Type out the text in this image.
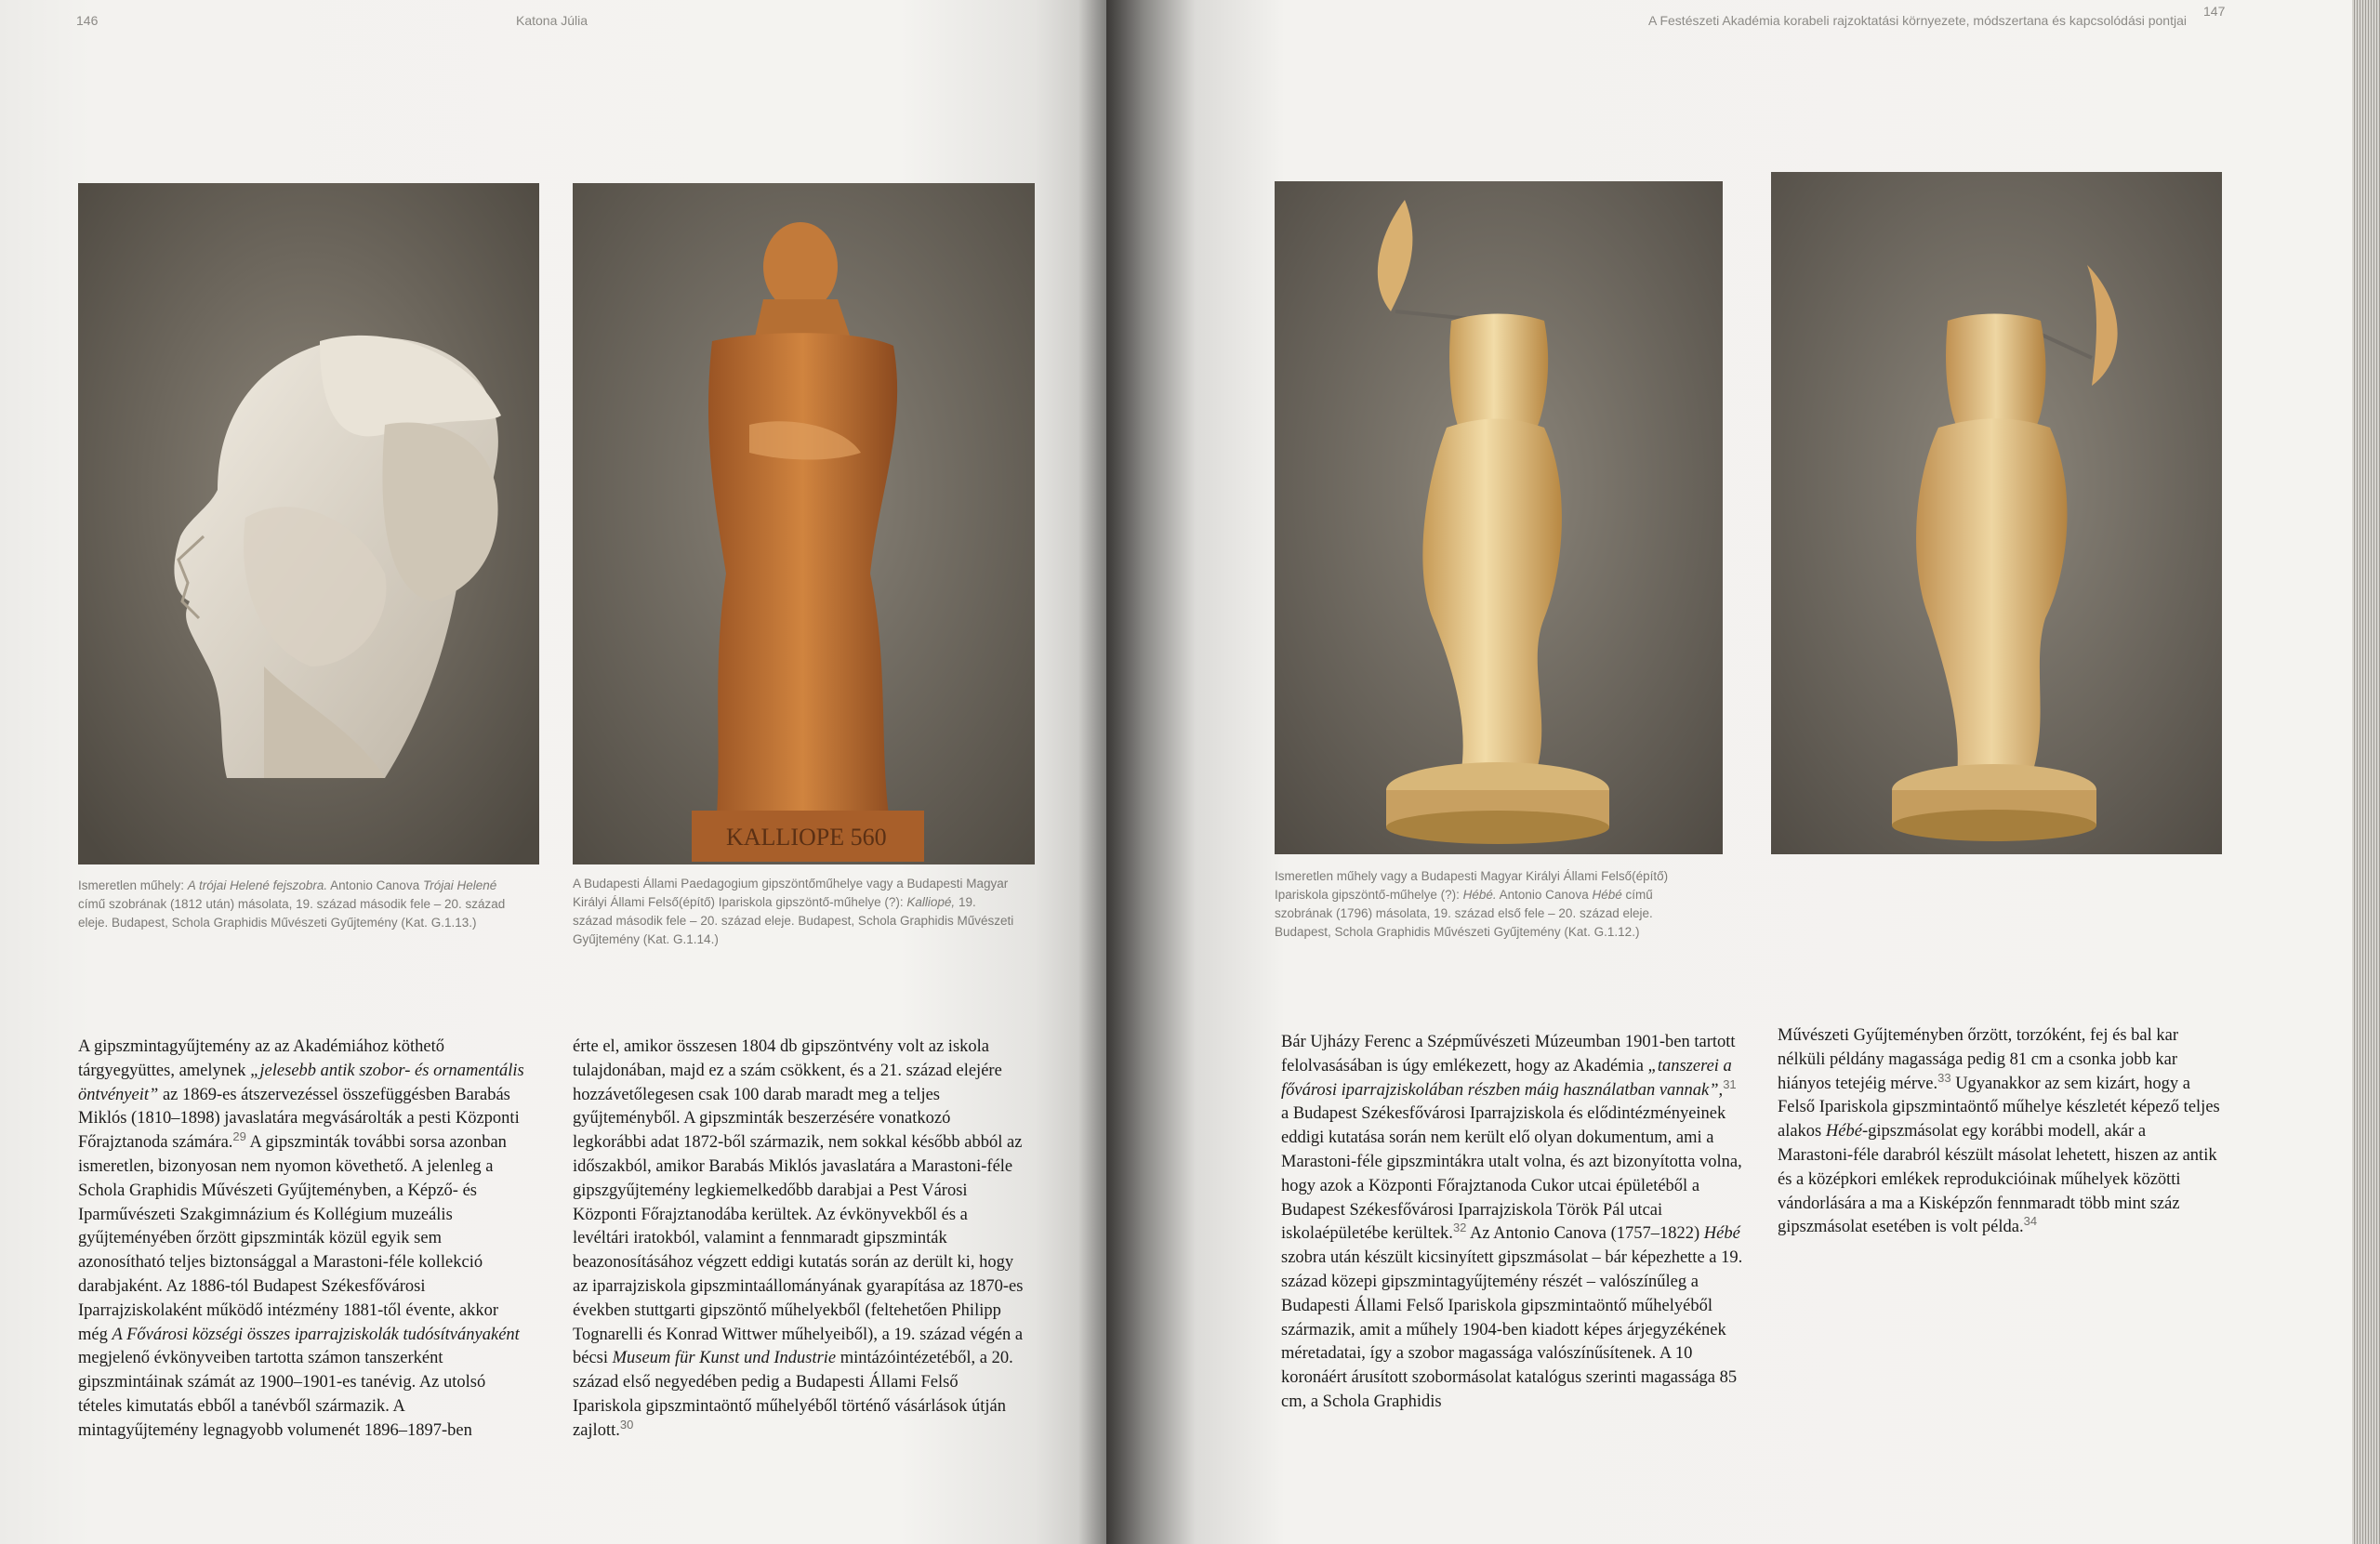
146	Katona Júlia
KALLIOPE 560
Ismeretlen műhely: A trójai Helené fejszobra. Antonio Canova Trójai Helené című szobrának (1812 után) másolata, 19. század második fele – 20. század eleje. Budapest, Schola Graphidis Művészeti Gyűjtemény (Kat. G.1.13.)
A Budapesti Állami Paedagogium gipszöntőműhelye vagy a Budapesti Magyar Királyi Állami Felső(építő) Ipariskola gipszöntő-műhelye (?): Kalliopé, 19. század második fele – 20. század eleje. Budapest, Schola Graphidis Művészeti Gyűjtemény (Kat. G.1.14.)

A gipszmintagyűjtemény az az Akadémiához köthető tárgyegyüttes, amelynek „jelesebb antik szobor- és ornamentális öntvényeit” az 1869-es átszervezéssel összefüggésben Barabás Miklós (1810–1898) javaslatára megvásárolták a pesti Központi Főrajztanoda számára.$^{29}$ A gipszminták további sorsa azonban ismeretlen, bizonyosan nem nyomon követhető. A jelenleg a Schola Graphidis Művészeti Gyűjteményben, a Képző- és Iparművészeti Szakgimnázium és Kollégium muzeális gyűjteményében őrzött gipszminták közül egyik sem azonosítható teljes biztonsággal a Marastoni-féle kollekció darabjaként. Az 1886-tól Budapest Székesfővárosi Iparrajziskolaként működő intézmény 1881-től évente, akkor még A Fővárosi községi összes iparrajziskolák tudósítványaként megjelenő évkönyveiben tartotta számon tanszerként gipszmintáinak számát az 1900–1901-es tanévig. Az utolsó tételes kimutatás ebből a tanévből származik. A mintagyűjtemény legnagyobb volumenét 1896–1897-ben

érte el, amikor összesen 1804 db gipszöntvény volt az iskola tulajdonában, majd ez a szám csökkent, és a 21. század elejére hozzávetőlegesen csak 100 darab maradt meg a teljes gyűjteményből. A gipszminták beszerzésére vonatkozó legkorábbi adat 1872-ből származik, nem sokkal később abból az időszakból, amikor Barabás Miklós javaslatára a Marastoni-féle gipszgyűjtemény legkiemelkedőbb darabjai a Pest Városi Központi Főrajztanodába kerültek. Az évkönyvekből és a levéltári iratokból, valamint a fennmaradt gipszminták beazonosításához végzett eddigi kutatás során az derült ki, hogy az iparrajziskola gipszmintaállományának gyarapítása az 1870-es években stuttgarti gipszöntő műhelyekből (feltehetően Philipp Tognarelli és Konrad Wittwer műhelyeiből), a 19. század végén a bécsi Museum für Kunst und Industrie mintázóintézetéből, a 20. század első negyedében pedig a Budapesti Állami Felső Ipariskola gipszmintaöntő műhelyéből történő vásárlások útján zajlott.$^{30}$

A Festészeti Akadémia korabeli rajzoktatási környezete, módszertana és kapcsolódási pontjai
147
Ismeretlen műhely vagy a Budapesti Magyar Királyi Állami Felső(építő) Ipariskola gipszöntő-műhelye (?): Hébé. Antonio Canova Hébé című szobrának (1796) másolata, 19. század első fele – 20. század eleje. Budapest, Schola Graphidis Művészeti Gyűjtemény (Kat. G.1.12.)

Bár Ujházy Ferenc a Szépművészeti Múzeumban 1901-ben tartott felolvasásában is úgy emlékezett, hogy az Akadémia „tanszerei a fővárosi iparrajziskolában részben máig használatban vannak”,$^{31}$ a Budapest Székesfővárosi Iparrajziskola és elődintézményeinek eddigi kutatása során nem került elő olyan dokumentum, ami a Marastoni-féle gipszmintákra utalt volna, és azt bizonyította volna, hogy azok a Központi Főrajztanoda Cukor utcai épületéből a Budapest Székesfővárosi Iparrajziskola Török Pál utcai iskolaépületébe kerültek.$^{32}$ Az Antonio Canova (1757–1822) Hébé szobra után készült kicsinyített gipszmásolat – bár képezhette a 19. század közepi gipszmintagyűjtemény részét – valószínűleg a Budapesti Állami Felső Ipariskola gipszmintaöntő műhelyéből származik, amit a műhely 1904-ben kiadott képes árjegyzékének méretadatai, így a szobor magassága valószínűsítenek. A 10 koronáért árusított szobormásolat katalógus szerinti magassága 85 cm, a Schola Graphidis

Művészeti Gyűjteményben őrzött, torzóként, fej és bal kar nélküli példány magassága pedig 81 cm a csonka jobb kar hiányos tetejéig mérve.$^{33}$ Ugyanakkor az sem kizárt, hogy a Felső Ipariskola gipszmintaöntő műhelye készletét képező teljes alakos Hébé-gipszmásolat egy korábbi modell, akár a Marastoni-féle darabról készült másolat lehetett, hiszen az antik és a középkori emlékek reprodukcióinak műhelyek közötti vándorlására a ma a Kisképzőn fennmaradt több mint száz gipszmásolat esetében is volt példa.$^{34}$
